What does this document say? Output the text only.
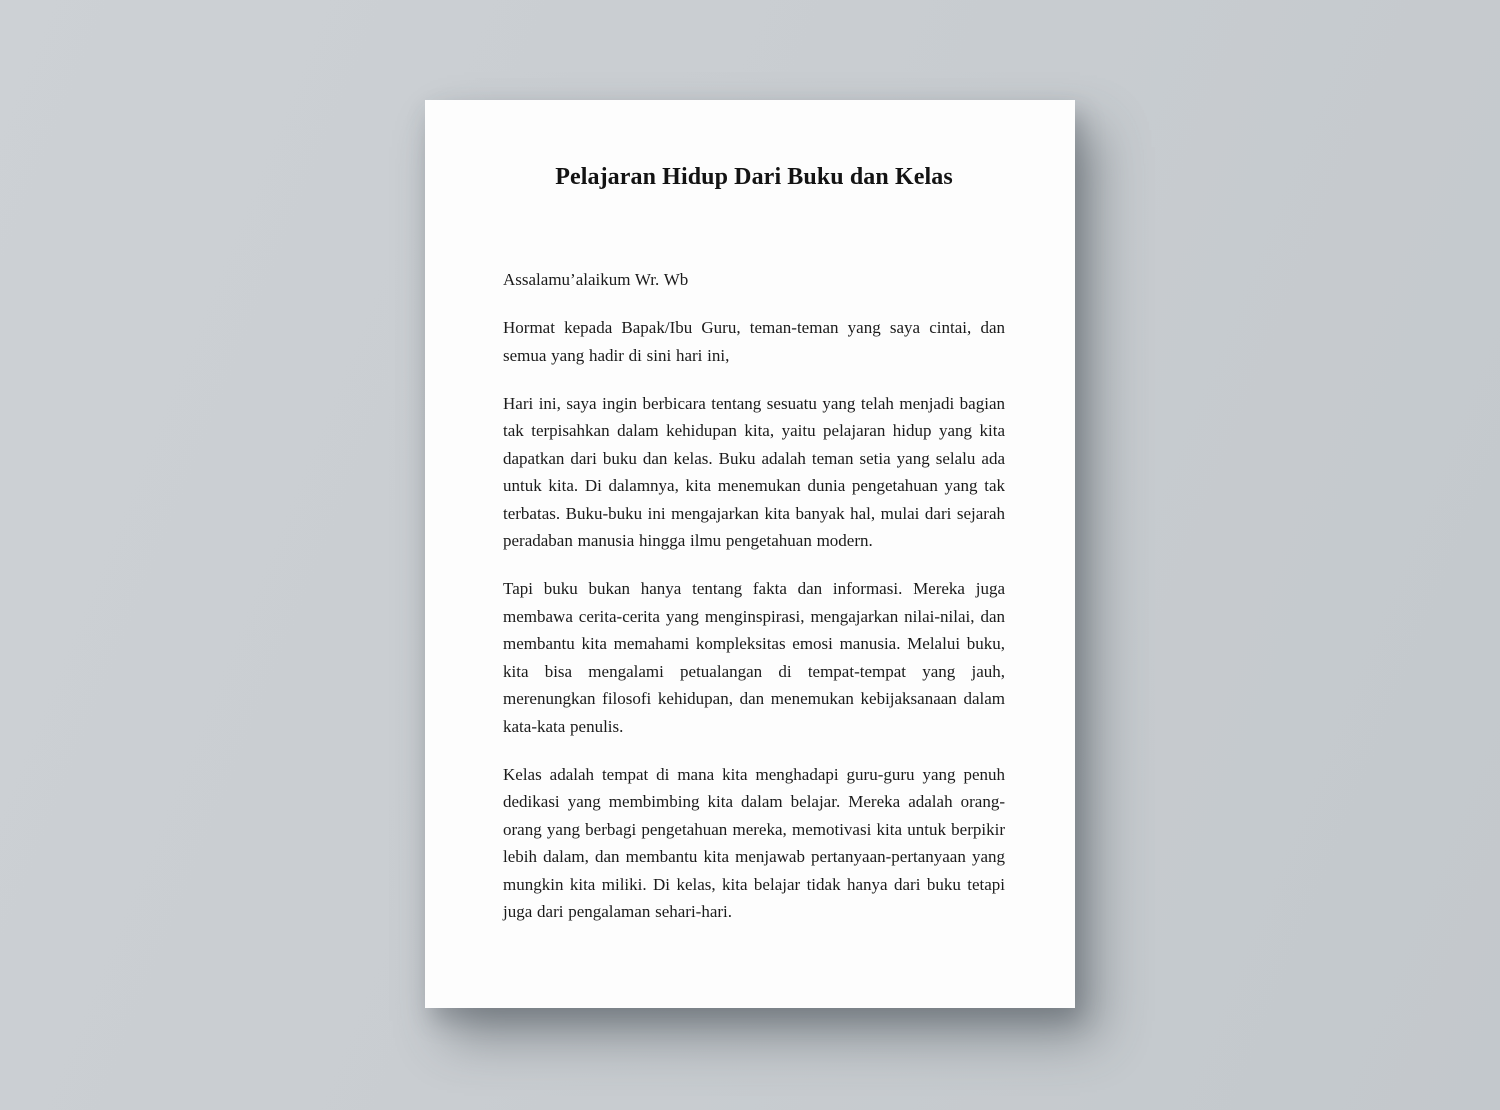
Pelajaran Hidup Dari Buku dan Kelas

Assalamu’alaikum Wr. Wb

Hormat kepada Bapak/Ibu Guru, teman-teman yang saya cintai, dan semua yang hadir di sini hari ini,

Hari ini, saya ingin berbicara tentang sesuatu yang telah menjadi bagian tak terpisahkan dalam kehidupan kita, yaitu pelajaran hidup yang kita dapatkan dari buku dan kelas. Buku adalah teman setia yang selalu ada untuk kita. Di dalamnya, kita menemukan dunia pengetahuan yang tak terbatas. Buku-buku ini mengajarkan kita banyak hal, mulai dari sejarah peradaban manusia hingga ilmu pengetahuan modern.

Tapi buku bukan hanya tentang fakta dan informasi. Mereka juga membawa cerita-cerita yang menginspirasi, mengajarkan nilai-nilai, dan membantu kita memahami kompleksitas emosi manusia. Melalui buku, kita bisa mengalami petualangan di tempat-tempat yang jauh, merenungkan filosofi kehidupan, dan menemukan kebijaksanaan dalam kata-kata penulis.

Kelas adalah tempat di mana kita menghadapi guru-guru yang penuh dedikasi yang membimbing kita dalam belajar. Mereka adalah orang-orang yang berbagi pengetahuan mereka, memotivasi kita untuk berpikir lebih dalam, dan membantu kita menjawab pertanyaan-pertanyaan yang mungkin kita miliki. Di kelas, kita belajar tidak hanya dari buku tetapi juga dari pengalaman sehari-hari.
